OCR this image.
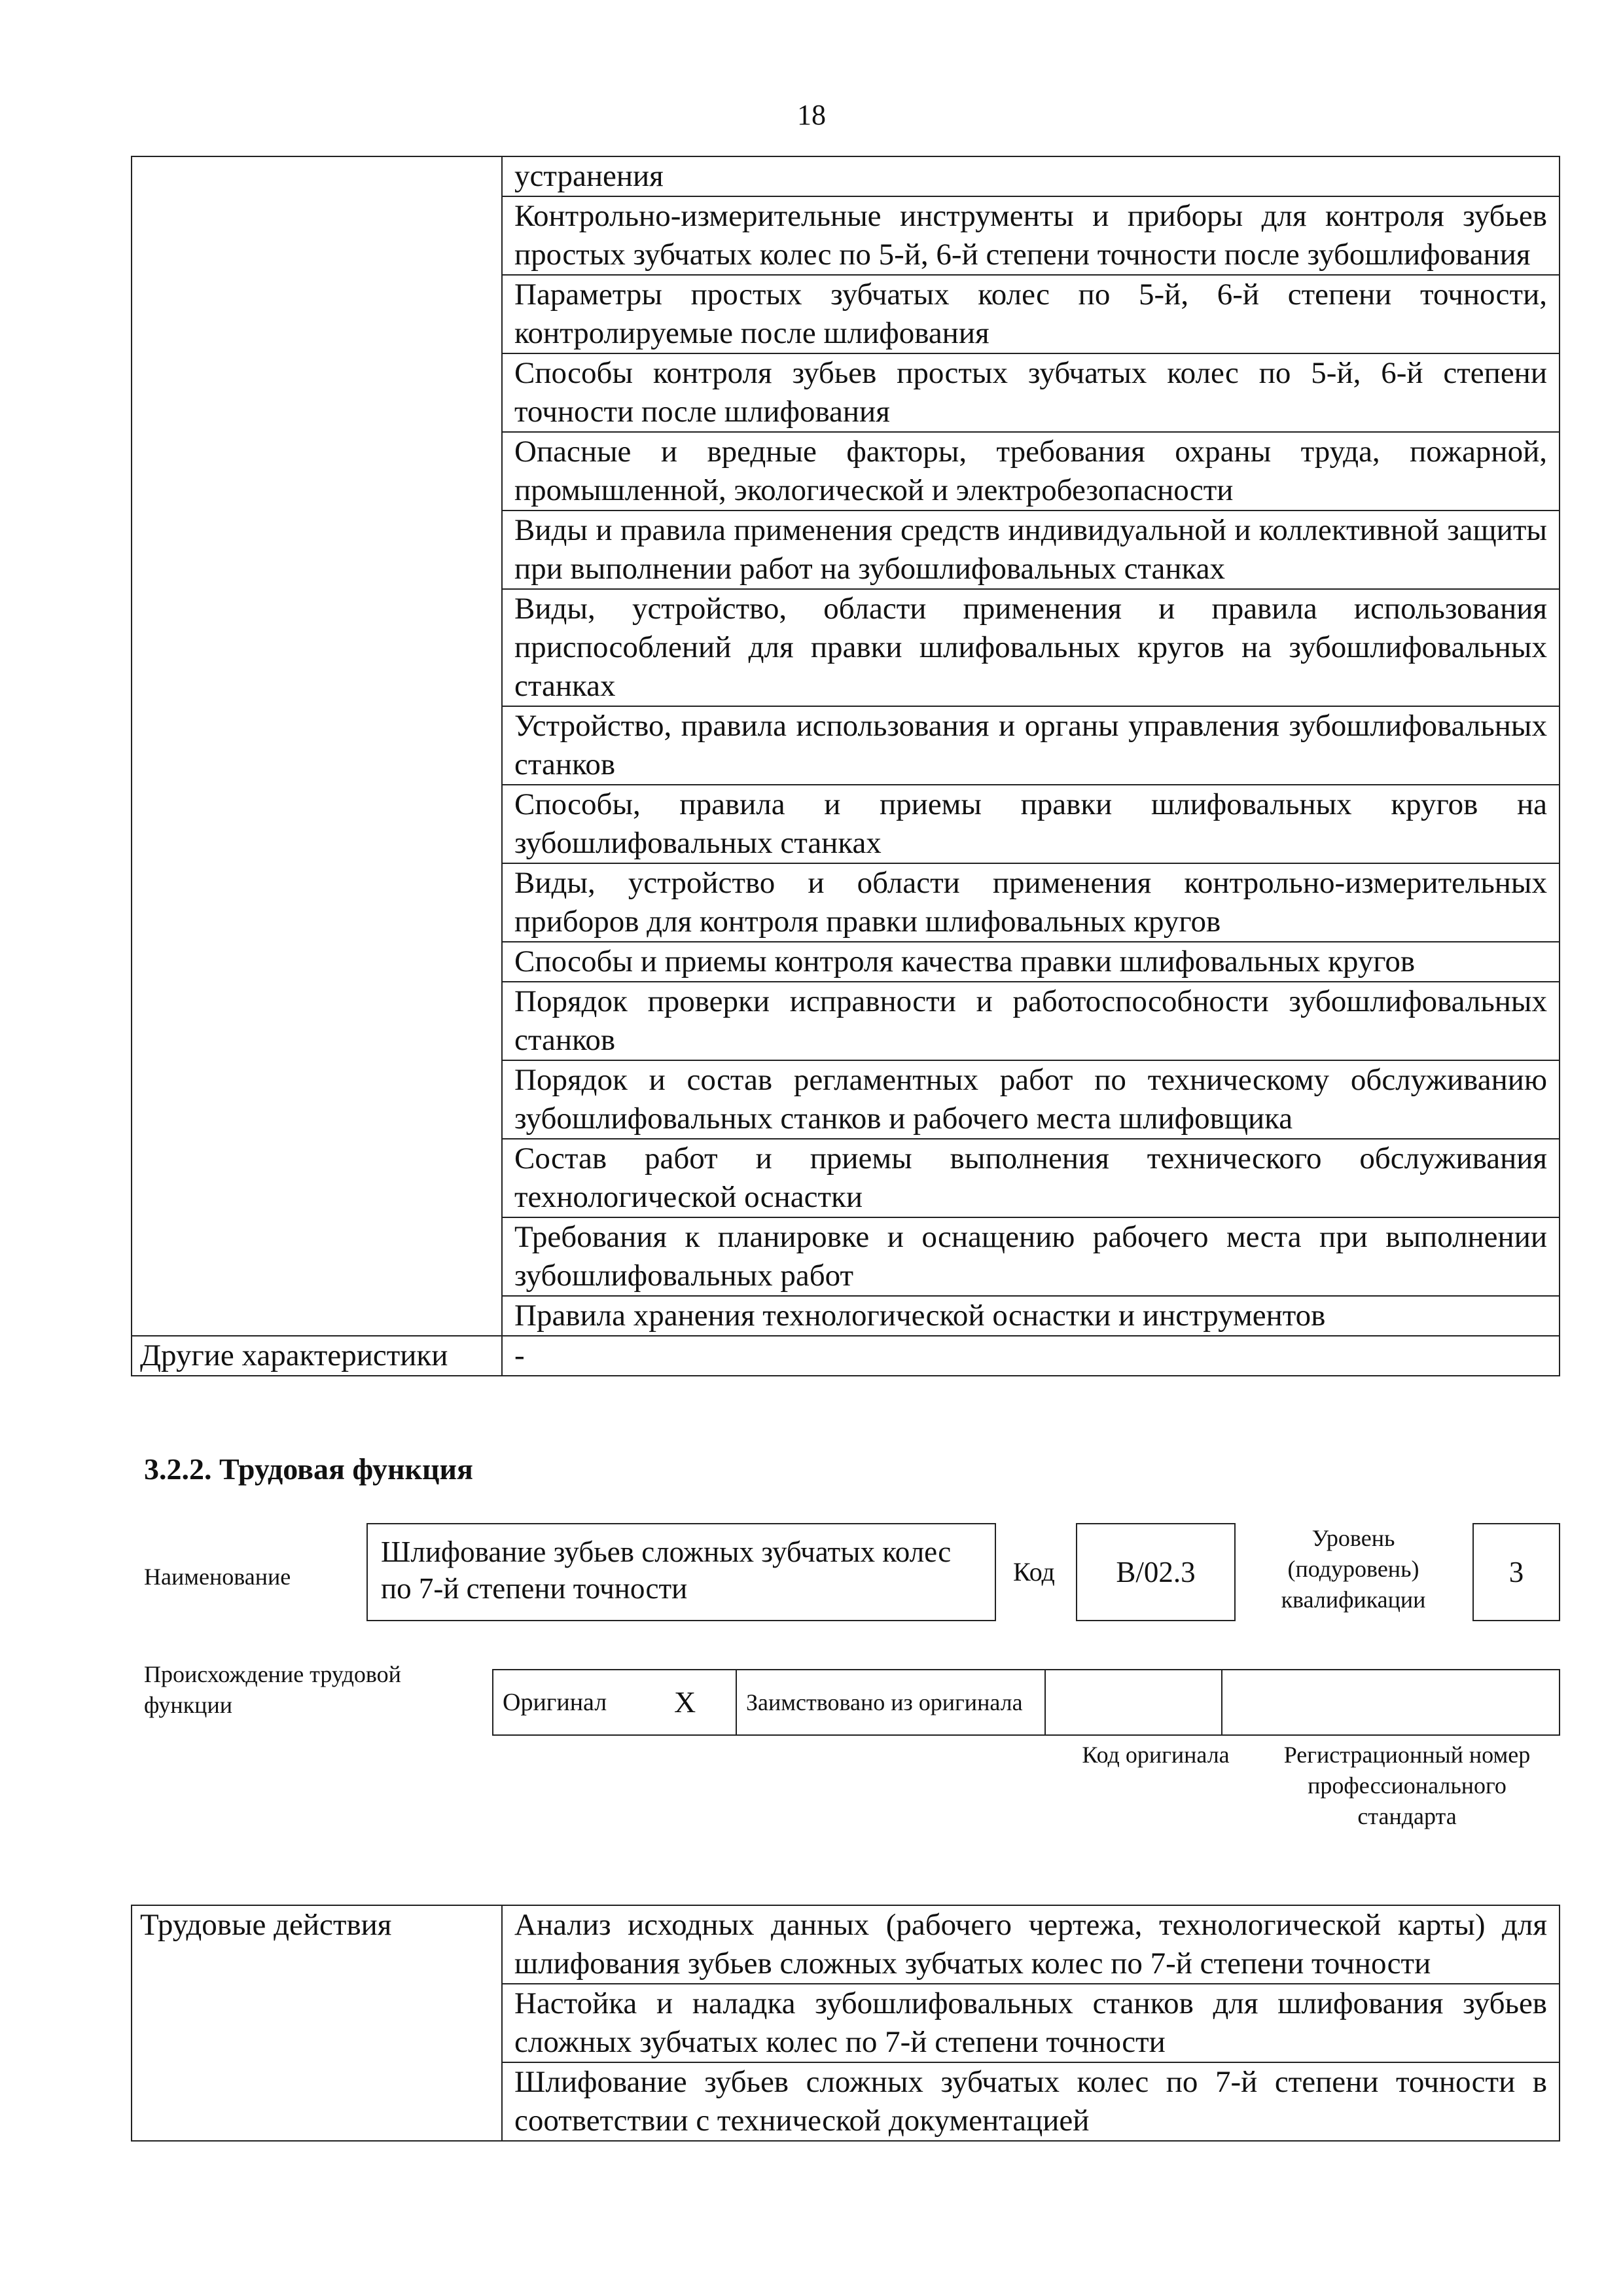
18

	устранения

	Контрольно-измерительные инструменты и приборы для контроля зубьев простых зубчатых колес по 5-й, 6-й степени точности после зубошлифования

	Параметры простых зубчатых колес по 5-й, 6-й степени точности, контролируемые после шлифования

	Способы контроля зубьев простых зубчатых колес по 5-й, 6-й степени точности после шлифования

	Опасные и вредные факторы, требования охраны труда, пожарной, промышленной, экологической и электробезопасности

	Виды и правила применения средств индивидуальной и коллективной защиты при выполнении работ на зубошлифовальных станках

	Виды, устройство, области применения и правила использования приспособлений для правки шлифовальных кругов на зубошлифовальных станках

	Устройство, правила использования и органы управления зубошлифовальных станков

	Способы, правила и приемы правки шлифовальных кругов на зубошлифовальных станках

	Виды, устройство и области применения контрольно-измерительных приборов для контроля правки шлифовальных кругов

	Способы и приемы контроля качества правки шлифовальных кругов

	Порядок проверки исправности и работоспособности зубошлифовальных станков

	Порядок и состав регламентных работ по техническому обслуживанию зубошлифовальных станков и рабочего места шлифовщика

	Состав работ и приемы выполнения технического обслуживания технологической оснастки

	Требования к планировке и оснащению рабочего места при выполнении зубошлифовальных работ

	Правила хранения технологической оснастки и инструментов

Другие характеристики	-

3.2.2. Трудовая функция
Наименование
Шлифование зубьев сложных зубчатых колес по 7-й степени точности
Код B/02.3
Уровень (подуровень) квалификации
3
Происхождение трудовой функции	Оригинал	X	Заимствовано из оригинала		
Код оригинала	Регистрационный номер профессионального стандарта
Трудовые действия	Анализ исходных данных (рабочего чертежа, технологической карты) для шлифования зубьев сложных зубчатых колес по 7-й степени точности

Настойка и наладка зубошлифовальных станков для шлифования зубьев сложных зубчатых колес по 7-й степени точности

Шлифование зубьев сложных зубчатых колес по 7-й степени точности в соответствии с технической документацией
